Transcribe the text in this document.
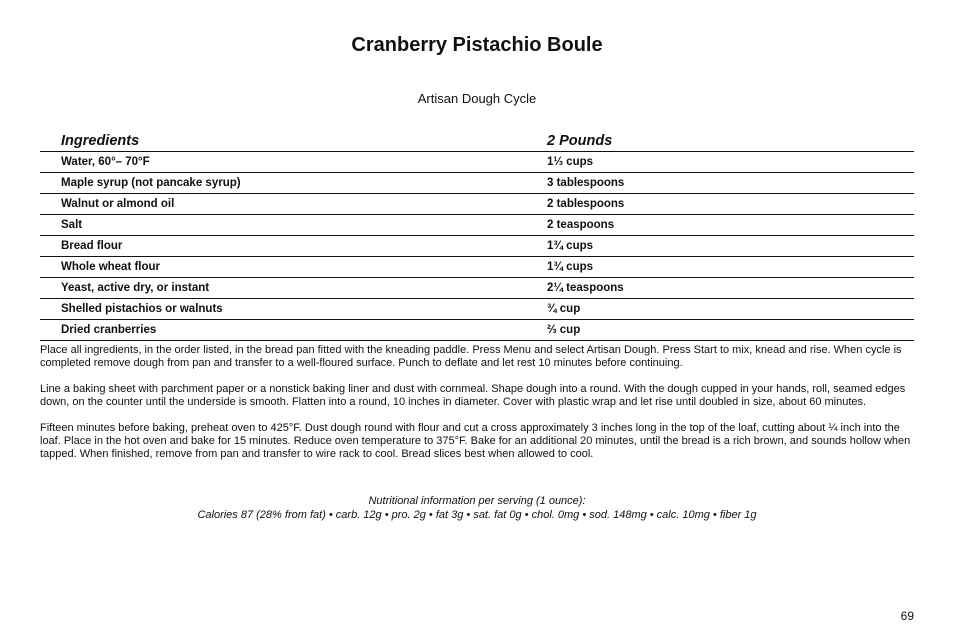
Cranberry Pistachio Boule
Artisan Dough Cycle
Ingredients	2 Pounds
Water, 60°– 70°F	1⅓ cups
Maple syrup (not pancake syrup)	3 tablespoons
Walnut or almond oil	2 tablespoons
Salt	2 teaspoons
Bread flour	1¾ cups
Whole wheat flour	1¾ cups
Yeast, active dry, or instant	2¼ teaspoons
Shelled pistachios or walnuts	¾ cup
Dried cranberries	⅔ cup

Place all ingredients, in the order listed, in the bread pan fitted with the kneading paddle. Press Menu and select Artisan Dough. Press Start to mix, knead and rise. When cycle is completed remove dough from pan and transfer to a well-floured surface. Punch to deflate and let rest 10 minutes before continuing.

Line a baking sheet with parchment paper or a nonstick baking liner and dust with cornmeal. Shape dough into a round. With the dough cupped in your hands, roll, seamed edges down, on the counter until the underside is smooth. Flatten into a round, 10 inches in diameter. Cover with plastic wrap and let rise until doubled in size, about 60 minutes.

Fifteen minutes before baking, preheat oven to 425°F. Dust dough round with flour and cut a cross approximately 3 inches long in the top of the loaf, cutting about ¼ inch into the loaf. Place in the hot oven and bake for 15 minutes. Reduce oven temperature to 375°F. Bake for an additional 20 minutes, until the bread is a rich brown, and sounds hollow when tapped. When finished, remove from pan and transfer to wire rack to cool. Bread slices best when allowed to cool.

Nutritional information per serving (1 ounce):
Calories 87 (28% from fat) • carb. 12g • pro. 2g • fat 3g • sat. fat 0g • chol. 0mg • sod. 148mg • calc. 10mg • fiber 1g
69
